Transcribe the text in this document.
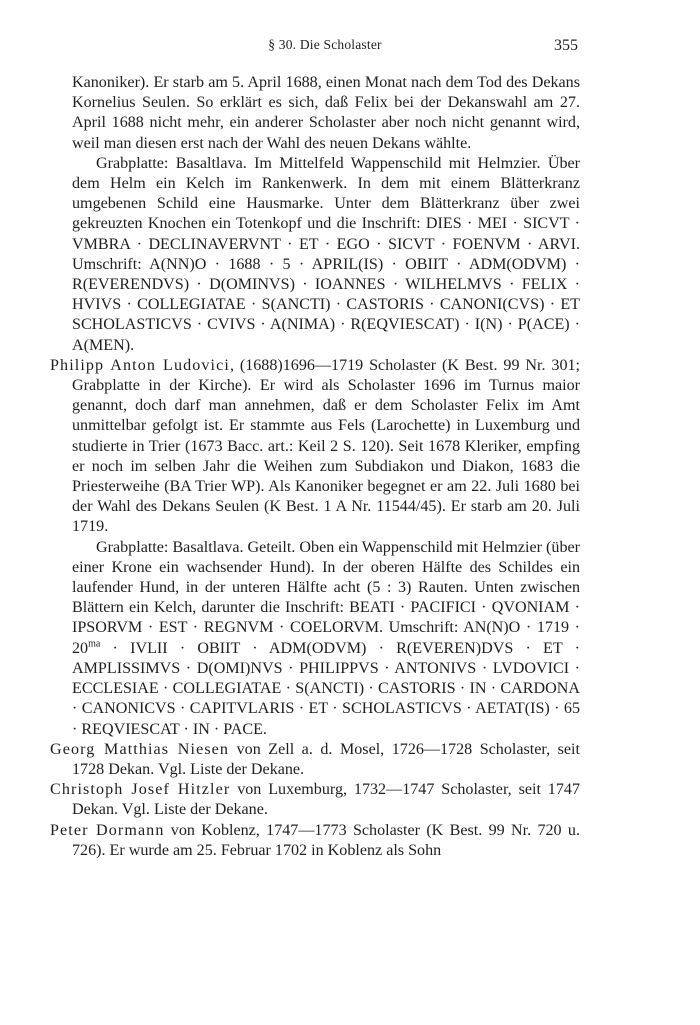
§ 30. Die Scholaster	355

Kanoniker). Er starb am 5. April 1688, einen Monat nach dem Tod des Dekans Kornelius Seulen. So erklärt es sich, daß Felix bei der Dekanswahl am 27. April 1688 nicht mehr, ein anderer Scholaster aber noch nicht genannt wird, weil man diesen erst nach der Wahl des neuen Dekans wählte.

Grabplatte: Basaltlava. Im Mittelfeld Wappenschild mit Helmzier. Über dem Helm ein Kelch im Rankenwerk. In dem mit einem Blätterkranz umgebenen Schild eine Hausmarke. Unter dem Blätterkranz über zwei gekreuzten Knochen ein Totenkopf und die Inschrift: DIES · MEI · SICVT · VMBRA · DECLINAVERVNT · ET · EGO · SICVT · FOENVM · ARVI. Umschrift: A(NN)O · 1688 · 5 · APRIL(IS) · OBIIT · ADM(ODVM) · R(EVERENDVS) · D(OMINVS) · IOANNES · WILHELMVS · FELIX · HVIVS · COLLEGIATAE · S(ANCTI) · CASTORIS · CANONI(CVS) · ET SCHOLASTICVS · CVIVS · A(NIMA) · R(EQVIESCAT) · I(N) · P(ACE) · A(MEN).

Philipp Anton Ludovici, (1688)1696—1719 Scholaster (K Best. 99 Nr. 301; Grabplatte in der Kirche). Er wird als Scholaster 1696 im Turnus maior genannt, doch darf man annehmen, daß er dem Scholaster Felix im Amt unmittelbar gefolgt ist. Er stammte aus Fels (Larochette) in Luxemburg und studierte in Trier (1673 Bacc. art.: Keil 2 S. 120). Seit 1678 Kleriker, empfing er noch im selben Jahr die Weihen zum Subdiakon und Diakon, 1683 die Priesterweihe (BA Trier WP). Als Kanoniker begegnet er am 22. Juli 1680 bei der Wahl des Dekans Seulen (K Best. 1 A Nr. 11544/45). Er starb am 20. Juli 1719.

Grabplatte: Basaltlava. Geteilt. Oben ein Wappenschild mit Helmzier (über einer Krone ein wachsender Hund). In der oberen Hälfte des Schildes ein laufender Hund, in der unteren Hälfte acht (5 : 3) Rauten. Unten zwischen Blättern ein Kelch, darunter die Inschrift: BEATI · PACIFICI · QVONIAM · IPSORVM · EST · REGNVM · COELORVM. Umschrift: $AN(N)O \cdot 1719 \cdot 20^{ma}$ · IVLII · OBIIT · ADM(ODVM) · R(EVEREN)DVS · ET · AMPLISSIMVS · D(OMI)NVS · PHILIPPVS · ANTONIVS · LVDOVICI · ECCLESIAE · COLLEGIATAE · S(ANCTI) · CASTORIS · IN · CARDONA · CANONICVS · CAPITVLARIS · ET · SCHOLASTICVS · AETAT(IS) · 65 · REQVIESCAT · IN · PACE.

Georg Matthias Niesen von Zell a. d. Mosel, 1726—1728 Scholaster, seit 1728 Dekan. Vgl. Liste der Dekane.

Christoph Josef Hitzler von Luxemburg, 1732—1747 Scholaster, seit 1747 Dekan. Vgl. Liste der Dekane.

Peter Dormann von Koblenz, 1747—1773 Scholaster (K Best. 99 Nr. 720 u. 726). Er wurde am 25. Februar 1702 in Koblenz als Sohn
